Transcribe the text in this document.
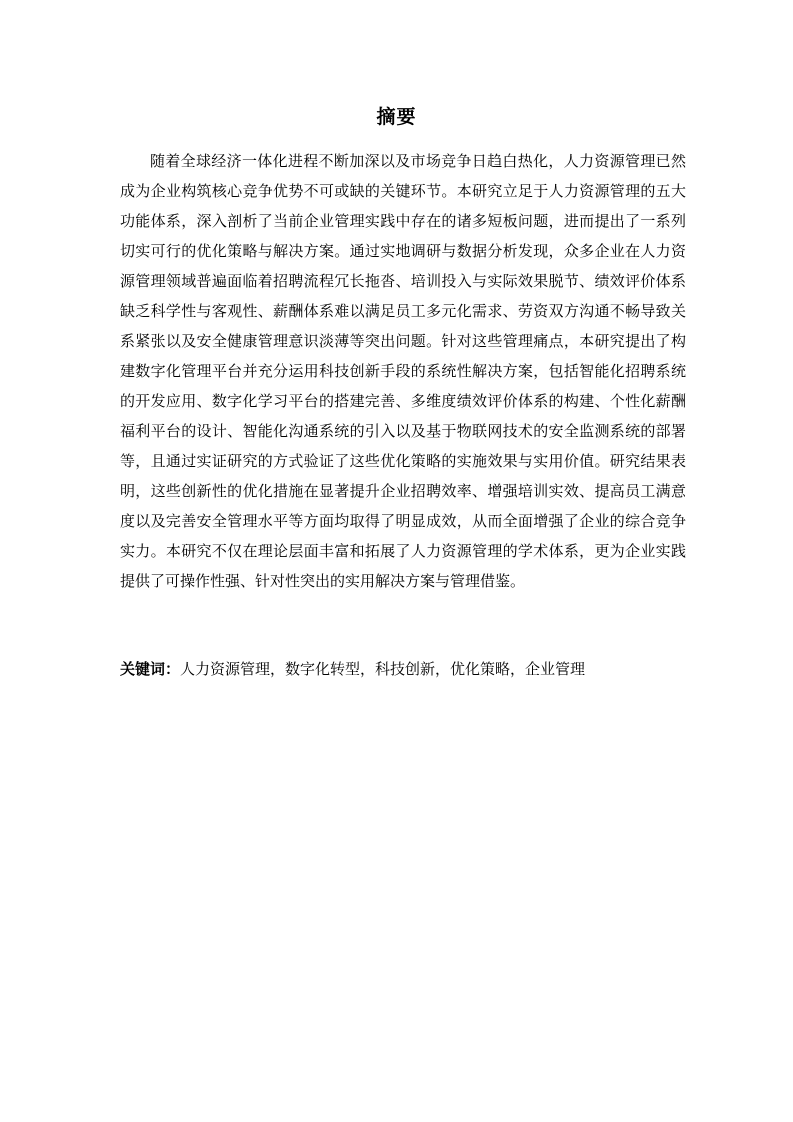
摘要

随着全球经济一体化进程不断加深以及市场竞争日趋白热化，人力资源管理已然成为企业构筑核心竞争优势不可或缺的关键环节。本研究立足于人力资源管理的五大功能体系，深入剖析了当前企业管理实践中存在的诸多短板问题，进而提出了一系列切实可行的优化策略与解决方案。通过实地调研与数据分析发现，众多企业在人力资源管理领域普遍面临着招聘流程冗长拖沓、培训投入与实际效果脱节、绩效评价体系缺乏科学性与客观性、薪酬体系难以满足员工多元化需求、劳资双方沟通不畅导致关系紧张以及安全健康管理意识淡薄等突出问题。针对这些管理痛点，本研究提出了构建数字化管理平台并充分运用科技创新手段的系统性解决方案，包括智能化招聘系统的开发应用、数字化学习平台的搭建完善、多维度绩效评价体系的构建、个性化薪酬福利平台的设计、智能化沟通系统的引入以及基于物联网技术的安全监测系统的部署等，且通过实证研究的方式验证了这些优化策略的实施效果与实用价值。研究结果表明，这些创新性的优化措施在显著提升企业招聘效率、增强培训实效、提高员工满意度以及完善安全管理水平等方面均取得了明显成效，从而全面增强了企业的综合竞争实力。本研究不仅在理论层面丰富和拓展了人力资源管理的学术体系，更为企业实践提供了可操作性强、针对性突出的实用解决方案与管理借鉴。

关键词：人力资源管理，数字化转型，科技创新，优化策略，企业管理
